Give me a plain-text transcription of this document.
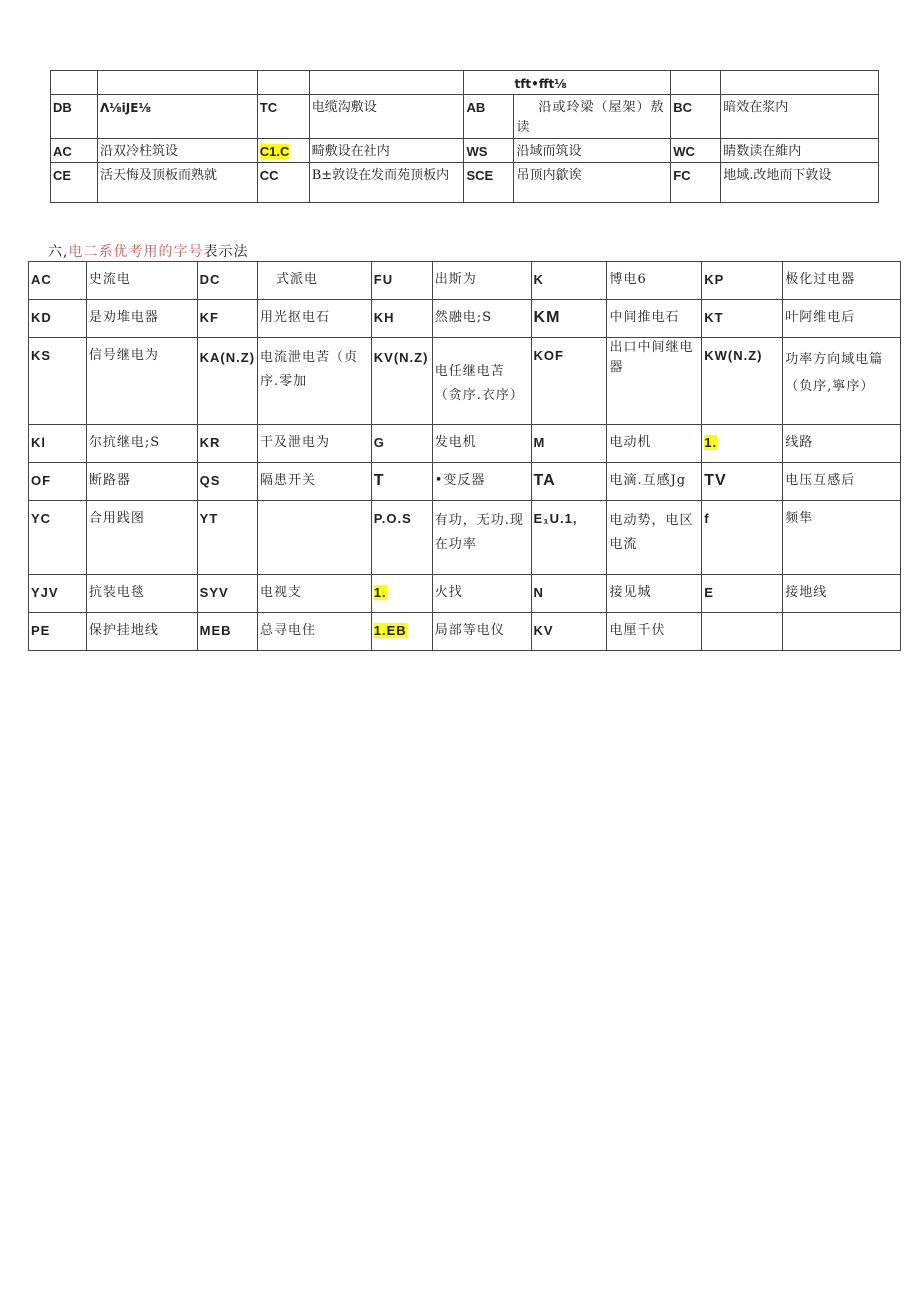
				tft•fft⅛			
DB	Λ⅛iJE⅛	TC	电缆沟敷设	AB	沿或玲梁（屋架）敖读	BC	暗效在浆内
AC	沿双冷柱筑设	C1.C	畸敷设在社内	WS	沿域而筑设	WC	睛数读在維内
CE	活天悔及顶板而熟就	CC	B±敦设在发而苑顶板内	SCE	吊顶内歙诶	FC	地域.改地而下敦设
六,电二系优考用的字号表示法
AC	史流电	DC	式派电	FU	出斯为	K	博电6	KP	极化过电器
KD	是劝堆电器	KF	用光抠电石	KH	然融电;S	KM	中间推电石	KT	叶阿维电后
KS	信号继电为	KA(N.Z)	电流泄电苦（贞序.零加	KV(N.Z)	电任继电苫（贪序.衣序）	KOF	出口中间继电器	KW(N.Z)	功率方向域电篇（负序,寧序）
Kl	尔抗继电;S	KR	干及泄电为	G	发电机	M	电动机	1.	线路
OF	断路器	QS	隔患开关	T	•变反器	TA	电滴.互感Jg	TV	电压互感后
YC	合用践图	YT		P.O.S	有功，无功.现在功率	E₁U.1,	电动势，电区电流	f	频隼
YJV	抗装电毯	SYV	电视支	1.	火找	N	接见城	E	接地线
PE	保护挂地线	MEB	总寻电住	1.EB	局部等电仪	KV	电厘千伏		
